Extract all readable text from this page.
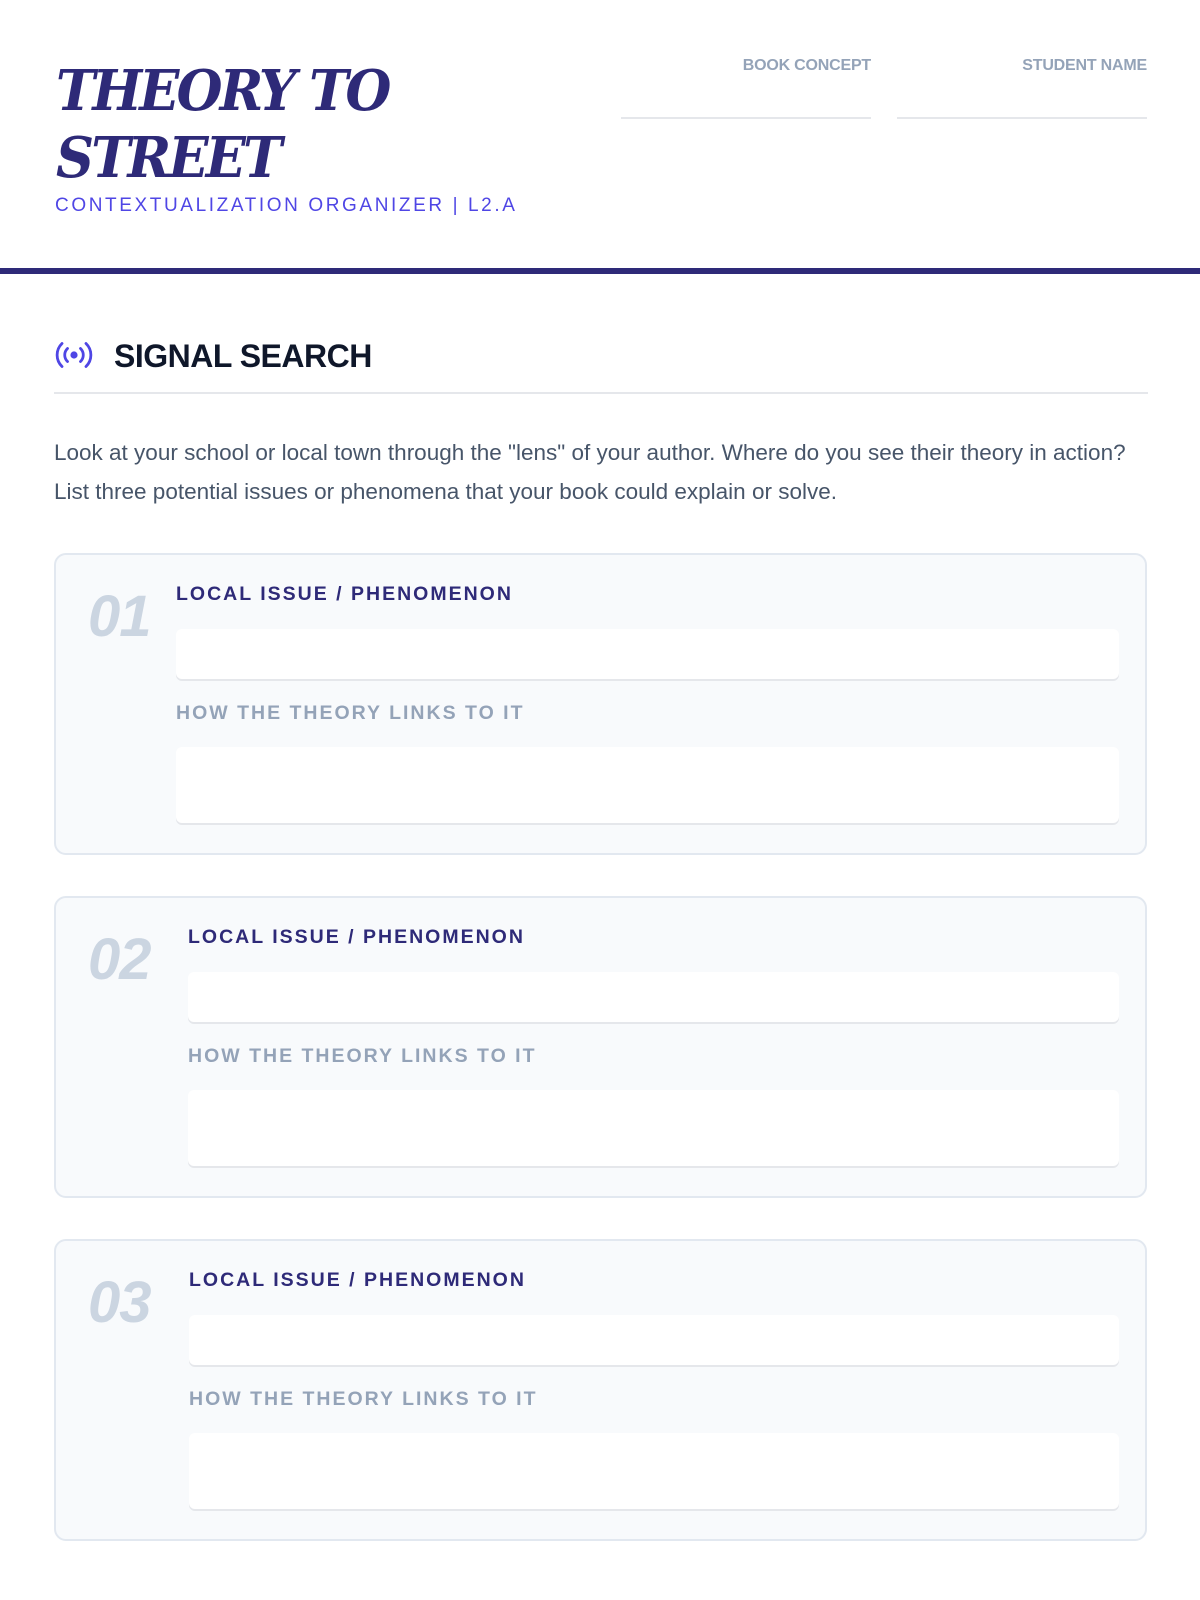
THEORY TO
STREET
CONTEXTUALIZATION ORGANIZER | L2.A
BOOK CONCEPT	STUDENT NAME
SIGNAL SEARCH

Look at your school or local town through the "lens" of your author. Where do you see their theory in action? List three potential issues or phenomena that your book could explain or solve.

01 LOCAL ISSUE / PHENOMENON
HOW THE THEORY LINKS TO IT
02 LOCAL ISSUE / PHENOMENON
HOW THE THEORY LINKS TO IT
03 LOCAL ISSUE / PHENOMENON
HOW THE THEORY LINKS TO IT
